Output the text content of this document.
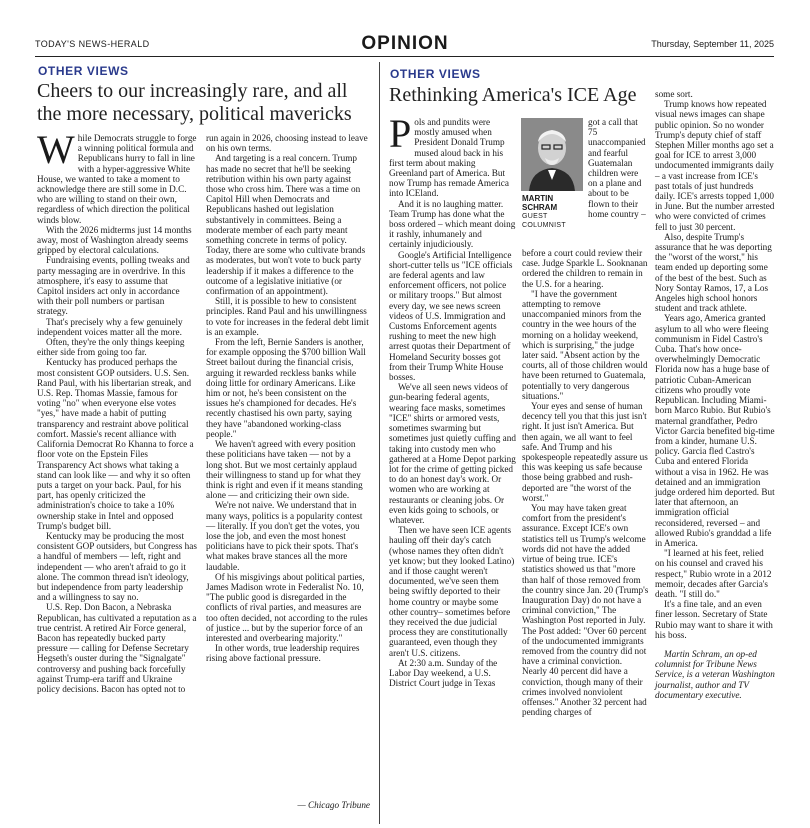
TODAY'S NEWS-HERALD	OPINION	Thursday, September 11, 2025
OTHER VIEWS
Cheers to our increasingly rare, and all the more necessary, political mavericks

While Democrats struggle to forge a winning political formula and Republicans hurry to fall in line with a hyper-aggressive White House, we wanted to take a moment to acknowledge there are still some in D.C. who are willing to stand on their own, regardless of which direction the political winds blow.

With the 2026 midterms just 14 months away, most of Washington already seems gripped by electoral calculations.

Fundraising events, polling tweaks and party messaging are in overdrive. In this atmosphere, it's easy to assume that Capitol insiders act only in accordance with their poll numbers or partisan strategy.

That's precisely why a few genuinely independent voices matter all the more.

Often, they're the only things keeping either side from going too far.

Kentucky has produced perhaps the most consistent GOP outsiders. U.S. Sen. Rand Paul, with his libertarian streak, and U.S. Rep. Thomas Massie, famous for voting "no" when everyone else votes "yes," have made a habit of putting transparency and restraint above political comfort. Massie's recent alliance with California Democrat Ro Khanna to force a floor vote on the Epstein Files Transparency Act shows what taking a stand can look like — and why it so often puts a target on your back. Paul, for his part, has openly criticized the administration's choice to take a 10% ownership stake in Intel and opposed Trump's budget bill.

Kentucky may be producing the most consistent GOP outsiders, but Congress has a handful of members — left, right and independent — who aren't afraid to go it alone. The common thread isn't ideology, but independence from party leadership and a willingness to say no.

U.S. Rep. Don Bacon, a Nebraska Republican, has cultivated a reputation as a true centrist. A retired Air Force general, Bacon has repeatedly bucked party pressure — calling for Defense Secretary Hegseth's ouster during the "Signalgate" controversy and pushing back forcefully against Trump-era tariff and Ukraine policy decisions. Bacon has opted not to

run again in 2026, choosing instead to leave on his own terms.

And targeting is a real concern. Trump has made no secret that he'll be seeking retribution within his own party against those who cross him. There was a time on Capitol Hill when Democrats and Republicans hashed out legislation substantively in committees. Being a moderate member of each party meant something concrete in terms of policy. Today, there are some who cultivate brands as moderates, but won't vote to buck party leadership if it makes a difference to the outcome of a legislative initiative (or confirmation of an appointment).

Still, it is possible to hew to consistent principles. Rand Paul and his unwillingness to vote for increases in the federal debt limit is an example.

From the left, Bernie Sanders is another, for example opposing the $700 billion Wall Street bailout during the financial crisis, arguing it rewarded reckless banks while doing little for ordinary Americans. Like him or not, he's been consistent on the issues he's championed for decades. He's recently chastised his own party, saying they have "abandoned working-class people."

We haven't agreed with every position these politicians have taken — not by a long shot. But we most certainly applaud their willingness to stand up for what they think is right and even if it means standing alone — and criticizing their own side.

We're not naive. We understand that in many ways, politics is a popularity contest — literally. If you don't get the votes, you lose the job, and even the most honest politicians have to pick their spots. That's what makes brave stances all the more laudable.

Of his misgivings about political parties, James Madison wrote in Federalist No. 10, "The public good is disregarded in the conflicts of rival parties, and measures are too often decided, not according to the rules of justice ... but by the superior force of an interested and overbearing majority."

In other words, true leadership requires rising above factional pressure.

— Chicago Tribune
OTHER VIEWS
Rethinking America's ICE Age

Pols and pundits were mostly amused when President Donald Trump mused aloud back in his first term about making Greenland part of America. But now Trump has remade America into ICEland.

And it is no laughing matter. Team Trump has done what the boss ordered – which meant doing it rashly, inhumanely and certainly injudiciously.

Google's Artificial Intelligence short-cutter tells us "ICE officials are federal agents and law enforcement officers, not police or military troops." But almost every day, we see news screen videos of U.S. Immigration and Customs Enforcement agents rushing to meet the new high arrest quotas their Department of Homeland Security bosses got from their Trump White House bosses.

We've all seen news videos of gun-bearing federal agents, wearing face masks, sometimes "ICE" shirts or armored vests, sometimes swarming but sometimes just quietly cuffing and taking into custody men who gathered at a Home Depot parking lot for the crime of getting picked to do an honest day's work. Or women who are working at restaurants or cleaning jobs. Or even kids going to schools, or whatever.

Then we have seen ICE agents hauling off their day's catch (whose names they often didn't yet know; but they looked Latino) and if those caught weren't documented, we've seen them being swiftly deported to their home country or maybe some other country– sometimes before they received the due judicial process they are constitutionally guaranteed, even though they aren't U.S. citizens.

At 2:30 a.m. Sunday of the Labor Day weekend, a U.S. District Court judge in Texas

MARTIN
SCHRAM
GUEST
COLUMNIST

got a call that 75 unaccompanied and fearful Guatemalan children were on a plane and about to be flown to their home country –

before a court could review their case. Judge Sparkle L. Sooknanan ordered the children to remain in the U.S. for a hearing.

"I have the government attempting to remove unaccompanied minors from the country in the wee hours of the morning on a holiday weekend, which is surprising," the judge later said. "Absent action by the courts, all of those children would have been returned to Guatemala, potentially to very dangerous situations."

Your eyes and sense of human decency tell you that this just isn't right. It just isn't America. But then again, we all want to feel safe. And Trump and his spokespeople repeatedly assure us this was keeping us safe because those being grabbed and rush-deported are "the worst of the worst."

You may have taken great comfort from the president's assurance. Except ICE's own statistics tell us Trump's welcome words did not have the added virtue of being true. ICE's statistics showed us that "more than half of those removed from the country since Jan. 20 (Trump's Inauguration Day) do not have a criminal conviction," The Washington Post reported in July. The Post added: "Over 60 percent of the undocumented immigrants removed from the country did not have a criminal conviction. Nearly 40 percent did have a conviction, though many of their crimes involved nonviolent offenses." Another 32 percent had pending charges of

some sort.

Trump knows how repeated visual news images can shape public opinion. So no wonder Trump's deputy chief of staff Stephen Miller months ago set a goal for ICE to arrest 3,000 undocumented immigrants daily – a vast increase from ICE's past totals of just hundreds daily. ICE's arrests topped 1,000 in June. But the number arrested who were convicted of crimes fell to just 30 percent.

Also, despite Trump's assurance that he was deporting the "worst of the worst," his team ended up deporting some of the best of the best. Such as Nory Sontay Ramos, 17, a Los Angeles high school honors student and track athlete.

Years ago, America granted asylum to all who were fleeing communism in Fidel Castro's Cuba. That's how once-overwhelmingly Democratic Florida now has a huge base of patriotic Cuban-American citizens who proudly vote Republican. Including Miami-born Marco Rubio. But Rubio's maternal grandfather, Pedro Victor Garcia benefited big-time from a kinder, humane U.S. policy. Garcia fled Castro's Cuba and entered Florida without a visa in 1962. He was detained and an immigration judge ordered him deported. But later that afternoon, an immigration official reconsidered, reversed – and allowed Rubio's granddad a life in America.

"I learned at his feet, relied on his counsel and craved his respect," Rubio wrote in a 2012 memoir, decades after Garcia's death. "I still do."

It's a fine tale, and an even finer lesson. Secretary of State Rubio may want to share it with his boss.

Martin Schram, an op-ed columnist for Tribune News Service, is a veteran Washington journalist, author and TV documentary executive.
